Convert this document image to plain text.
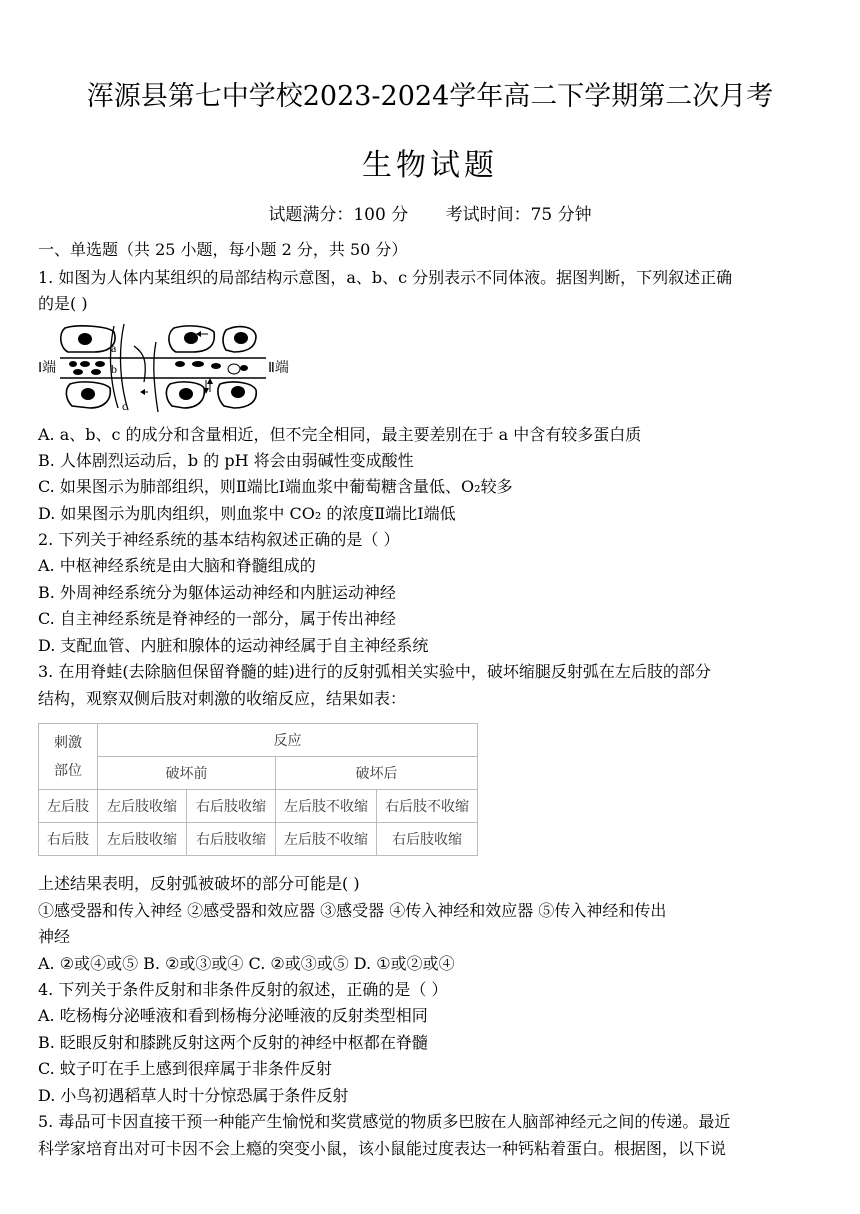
浑源县第七中学校2023-2024学年高二下学期第二次月考
生物试题
试题满分：100 分 考试时间：75 分钟
一、单选题（共 25 小题，每小题 2 分，共 50 分）
1. 如图为人体内某组织的局部结构示意图，a、b、c 分别表示不同体液。据图判断，下列叙述正确
的是( )
Ⅰ端	Ⅱ端
a
b
c
A. a、b、c 的成分和含量相近，但不完全相同，最主要差别在于 a 中含有较多蛋白质
B. 人体剧烈运动后，b 的 pH 将会由弱碱性变成酸性
C. 如果图示为肺部组织，则Ⅱ端比Ⅰ端血浆中葡萄糖含量低、O₂较多
D. 如果图示为肌肉组织，则血浆中 CO₂ 的浓度Ⅱ端比Ⅰ端低
2. 下列关于神经系统的基本结构叙述正确的是（ ）
A. 中枢神经系统是由大脑和脊髓组成的
B. 外周神经系统分为躯体运动神经和内脏运动神经
C. 自主神经系统是脊神经的一部分，属于传出神经
D. 支配血管、内脏和腺体的运动神经属于自主神经系统
3. 在用脊蛙(去除脑但保留脊髓的蛙)进行的反射弧相关实验中，破坏缩腿反射弧在左后肢的部分
结构，观察双侧后肢对刺激的收缩反应，结果如表：
刺激
部位	反应			
	破坏前		破坏后	
左后肢	左后肢收缩	右后肢收缩	左后肢不收缩	右后肢不收缩
右后肢	左后肢收缩	右后肢收缩	左后肢不收缩	右后肢收缩
上述结果表明，反射弧被破坏的部分可能是( )
①感受器和传入神经 ②感受器和效应器 ③感受器 ④传入神经和效应器 ⑤传入神经和传出
神经
A. ②或④或⑤ B. ②或③或④ C. ②或③或⑤ D. ①或②或④
4. 下列关于条件反射和非条件反射的叙述，正确的是（ ）
A. 吃杨梅分泌唾液和看到杨梅分泌唾液的反射类型相同
B. 眨眼反射和膝跳反射这两个反射的神经中枢都在脊髓
C. 蚊子叮在手上感到很痒属于非条件反射
D. 小鸟初遇稻草人时十分惊恐属于条件反射
5. 毒品可卡因直接干预一种能产生愉悦和奖赏感觉的物质多巴胺在人脑部神经元之间的传递。最近
科学家培育出对可卡因不会上瘾的突变小鼠，该小鼠能过度表达一种钙粘着蛋白。根据图，以下说
